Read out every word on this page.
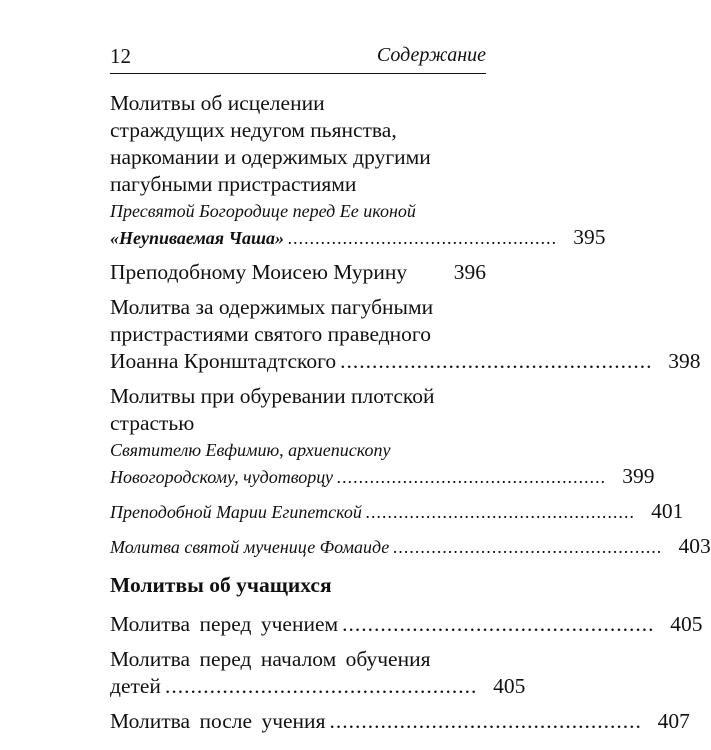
12	Содержание
Молитвы об исцелении
страждущих недугом пьянства,
наркомании и одержимых другими
пагубными пристрастиями
Пресвятой Богородице перед Ее иконой
«Неупиваемая Чаша» ................................................. 395
Преподобному Моисею Мурину	396
Молитва за одержимых пагубными
пристрастиями святого праведного
Иоанна Кронштадтского ................................................. 398
Молитвы при обуревании плотской
страстью
Святителю Евфимию, архиепископу
Новогородскому, чудотворцу ................................................. 399
Преподобной Марии Египетской ................................................. 401
Молитва святой мученице Фомаиде ................................................. 403
Молитвы об учащихся
Молитва перед учением ................................................. 405
Молитва перед началом обучения
детей ................................................. 405
Молитва после учения ................................................. 407
